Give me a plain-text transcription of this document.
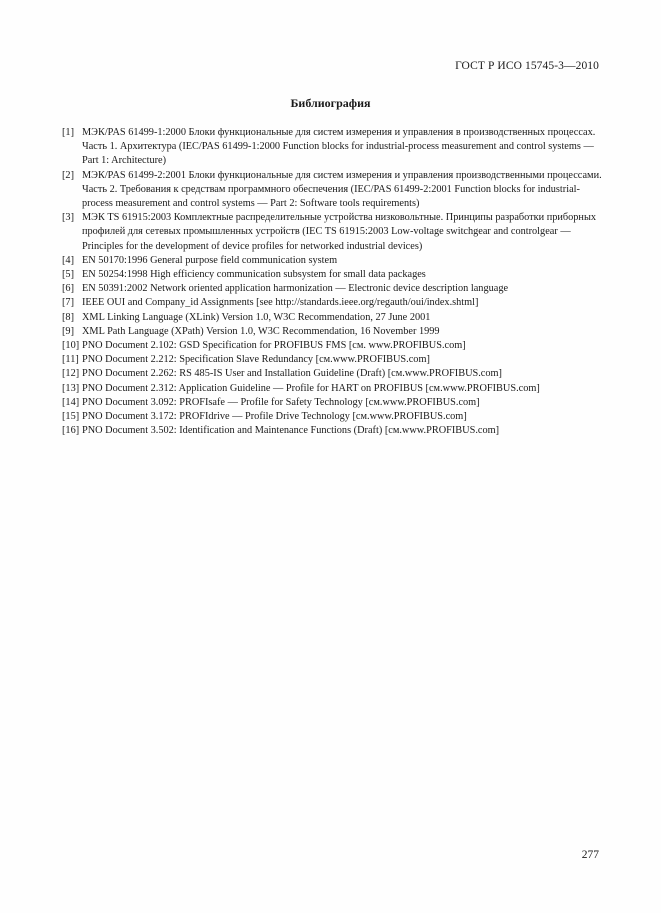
ГОСТ Р ИСО 15745-3—2010
Библиография
[1] МЭК/PAS 61499-1:2000 Блоки функциональные для систем измерения и управления в производственных процессах. Часть 1. Архитектура (IEC/PAS 61499-1:2000 Function blocks for industrial-process measurement and control systems — Part 1: Architecture)
[2] МЭК/PAS 61499-2:2001 Блоки функциональные для систем измерения и управления производственными процессами. Часть 2. Требования к средствам программного обеспечения (IEC/PAS 61499-2:2001 Function blocks for industrial-process measurement and control systems — Part 2: Software tools requirements)
[3] МЭК TS 61915:2003 Комплектные распределительные устройства низковольтные. Принципы разработки приборных профилей для сетевых промышленных устройств (IEC TS 61915:2003 Low-voltage switchgear and controlgear — Principles for the development of device profiles for networked industrial devices)
[4] EN 50170:1996 General purpose field communication system
[5] EN 50254:1998 High efficiency communication subsystem for small data packages
[6] EN 50391:2002 Network oriented application harmonization — Electronic device description language
[7] IEEE OUI and Company_id Assignments [see http://standards.ieee.org/regauth/oui/index.shtml]
[8] XML Linking Language (XLink) Version 1.0, W3C Recommendation, 27 June 2001
[9] XML Path Language (XPath) Version 1.0, W3C Recommendation, 16 November 1999
[10] PNO Document 2.102: GSD Specification for PROFIBUS FMS [см. www.PROFIBUS.com]
[11] PNO Document 2.212: Specification Slave Redundancy [см.www.PROFIBUS.com]
[12] PNO Document 2.262: RS 485-IS User and Installation Guideline (Draft) [см.www.PROFIBUS.com]
[13] PNO Document 2.312: Application Guideline — Profile for HART on PROFIBUS [см.www.PROFIBUS.com]
[14] PNO Document 3.092: PROFIsafe — Profile for Safety Technology [см.www.PROFIBUS.com]
[15] PNO Document 3.172: PROFIdrive — Profile Drive Technology [см.www.PROFIBUS.com]
[16] PNO Document 3.502: Identification and Maintenance Functions (Draft) [см.www.PROFIBUS.com]
277
